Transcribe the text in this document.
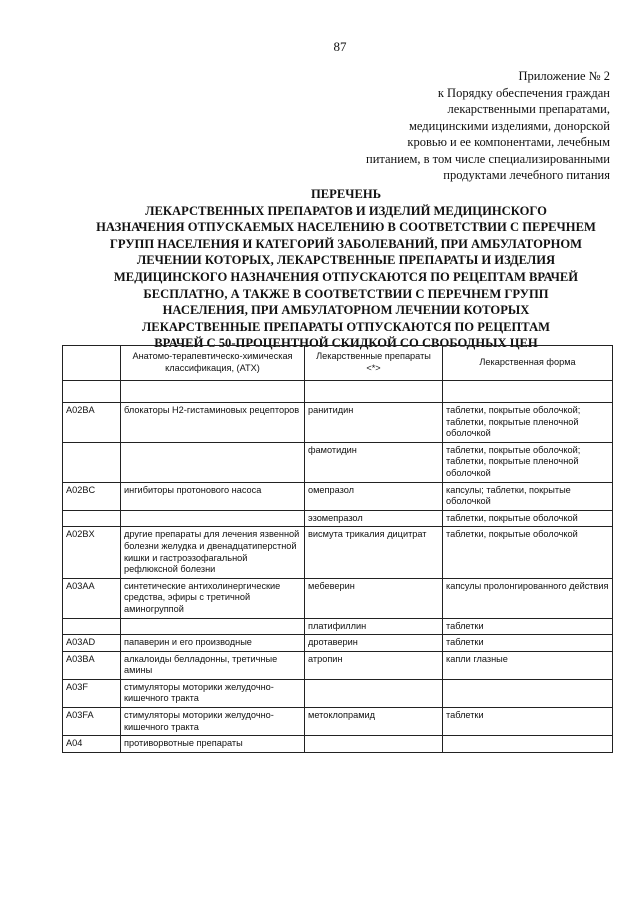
87
Приложение № 2
к Порядку обеспечения граждан
лекарственными препаратами,
медицинскими изделиями, донорской
кровью и ее компонентами, лечебным
питанием, в том числе специализированными
продуктами лечебного питания
ПЕРЕЧЕНЬ
ЛЕКАРСТВЕННЫХ ПРЕПАРАТОВ И ИЗДЕЛИЙ МЕДИЦИНСКОГО
НАЗНАЧЕНИЯ ОТПУСКАЕМЫХ НАСЕЛЕНИЮ В СООТВЕТСТВИИ С ПЕРЕЧНЕМ
ГРУПП НАСЕЛЕНИЯ И КАТЕГОРИЙ ЗАБОЛЕВАНИЙ, ПРИ АМБУЛАТОРНОМ
ЛЕЧЕНИИ КОТОРЫХ, ЛЕКАРСТВЕННЫЕ ПРЕПАРАТЫ И ИЗДЕЛИЯ
МЕДИЦИНСКОГО НАЗНАЧЕНИЯ ОТПУСКАЮТСЯ ПО РЕЦЕПТАМ ВРАЧЕЙ
БЕСПЛАТНО, А ТАКЖЕ В СООТВЕТСТВИИ С ПЕРЕЧНЕМ ГРУПП
НАСЕЛЕНИЯ, ПРИ АМБУЛАТОРНОМ ЛЕЧЕНИИ КОТОРЫХ
ЛЕКАРСТВЕННЫЕ ПРЕПАРАТЫ ОТПУСКАЮТСЯ ПО РЕЦЕПТАМ
ВРАЧЕЙ С 50-ПРОЦЕНТНОЙ СКИДКОЙ СО СВОБОДНЫХ ЦЕН
	Анатомо-терапевтическо-химическая классификация, (ATX)	Лекарственные препараты <*>	Лекарственная форма

A02BA	блокаторы Н2-гистаминовых рецепторов	ранитидин	таблетки, покрытые оболочкой; таблетки, покрытые пленочной оболочкой
		фамотидин	таблетки, покрытые оболочкой; таблетки, покрытые пленочной оболочкой
A02BC	ингибиторы протонового насоса	омепразол	капсулы; таблетки, покрытые оболочкой
		эзомепразол	таблетки, покрытые оболочкой
A02BX	другие препараты для лечения язвенной болезни желудка и двенадцатиперстной кишки и гастроэзофагальной рефлюксной болезни	висмута трикалия дицитрат	таблетки, покрытые оболочкой
A03AA	синтетические антихолинергические средства, эфиры с третичной аминогруппой	мебеверин	капсулы пролонгированного действия
		платифиллин	таблетки
A03AD	папаверин и его производные	дротаверин	таблетки
A03BA	алкалоиды белладонны, третичные амины	атропин	капли глазные
A03F	стимуляторы моторики желудочно-кишечного тракта		
A03FA	стимуляторы моторики желудочно-кишечного тракта	метоклопрамид	таблетки
A04	противорвотные препараты		
